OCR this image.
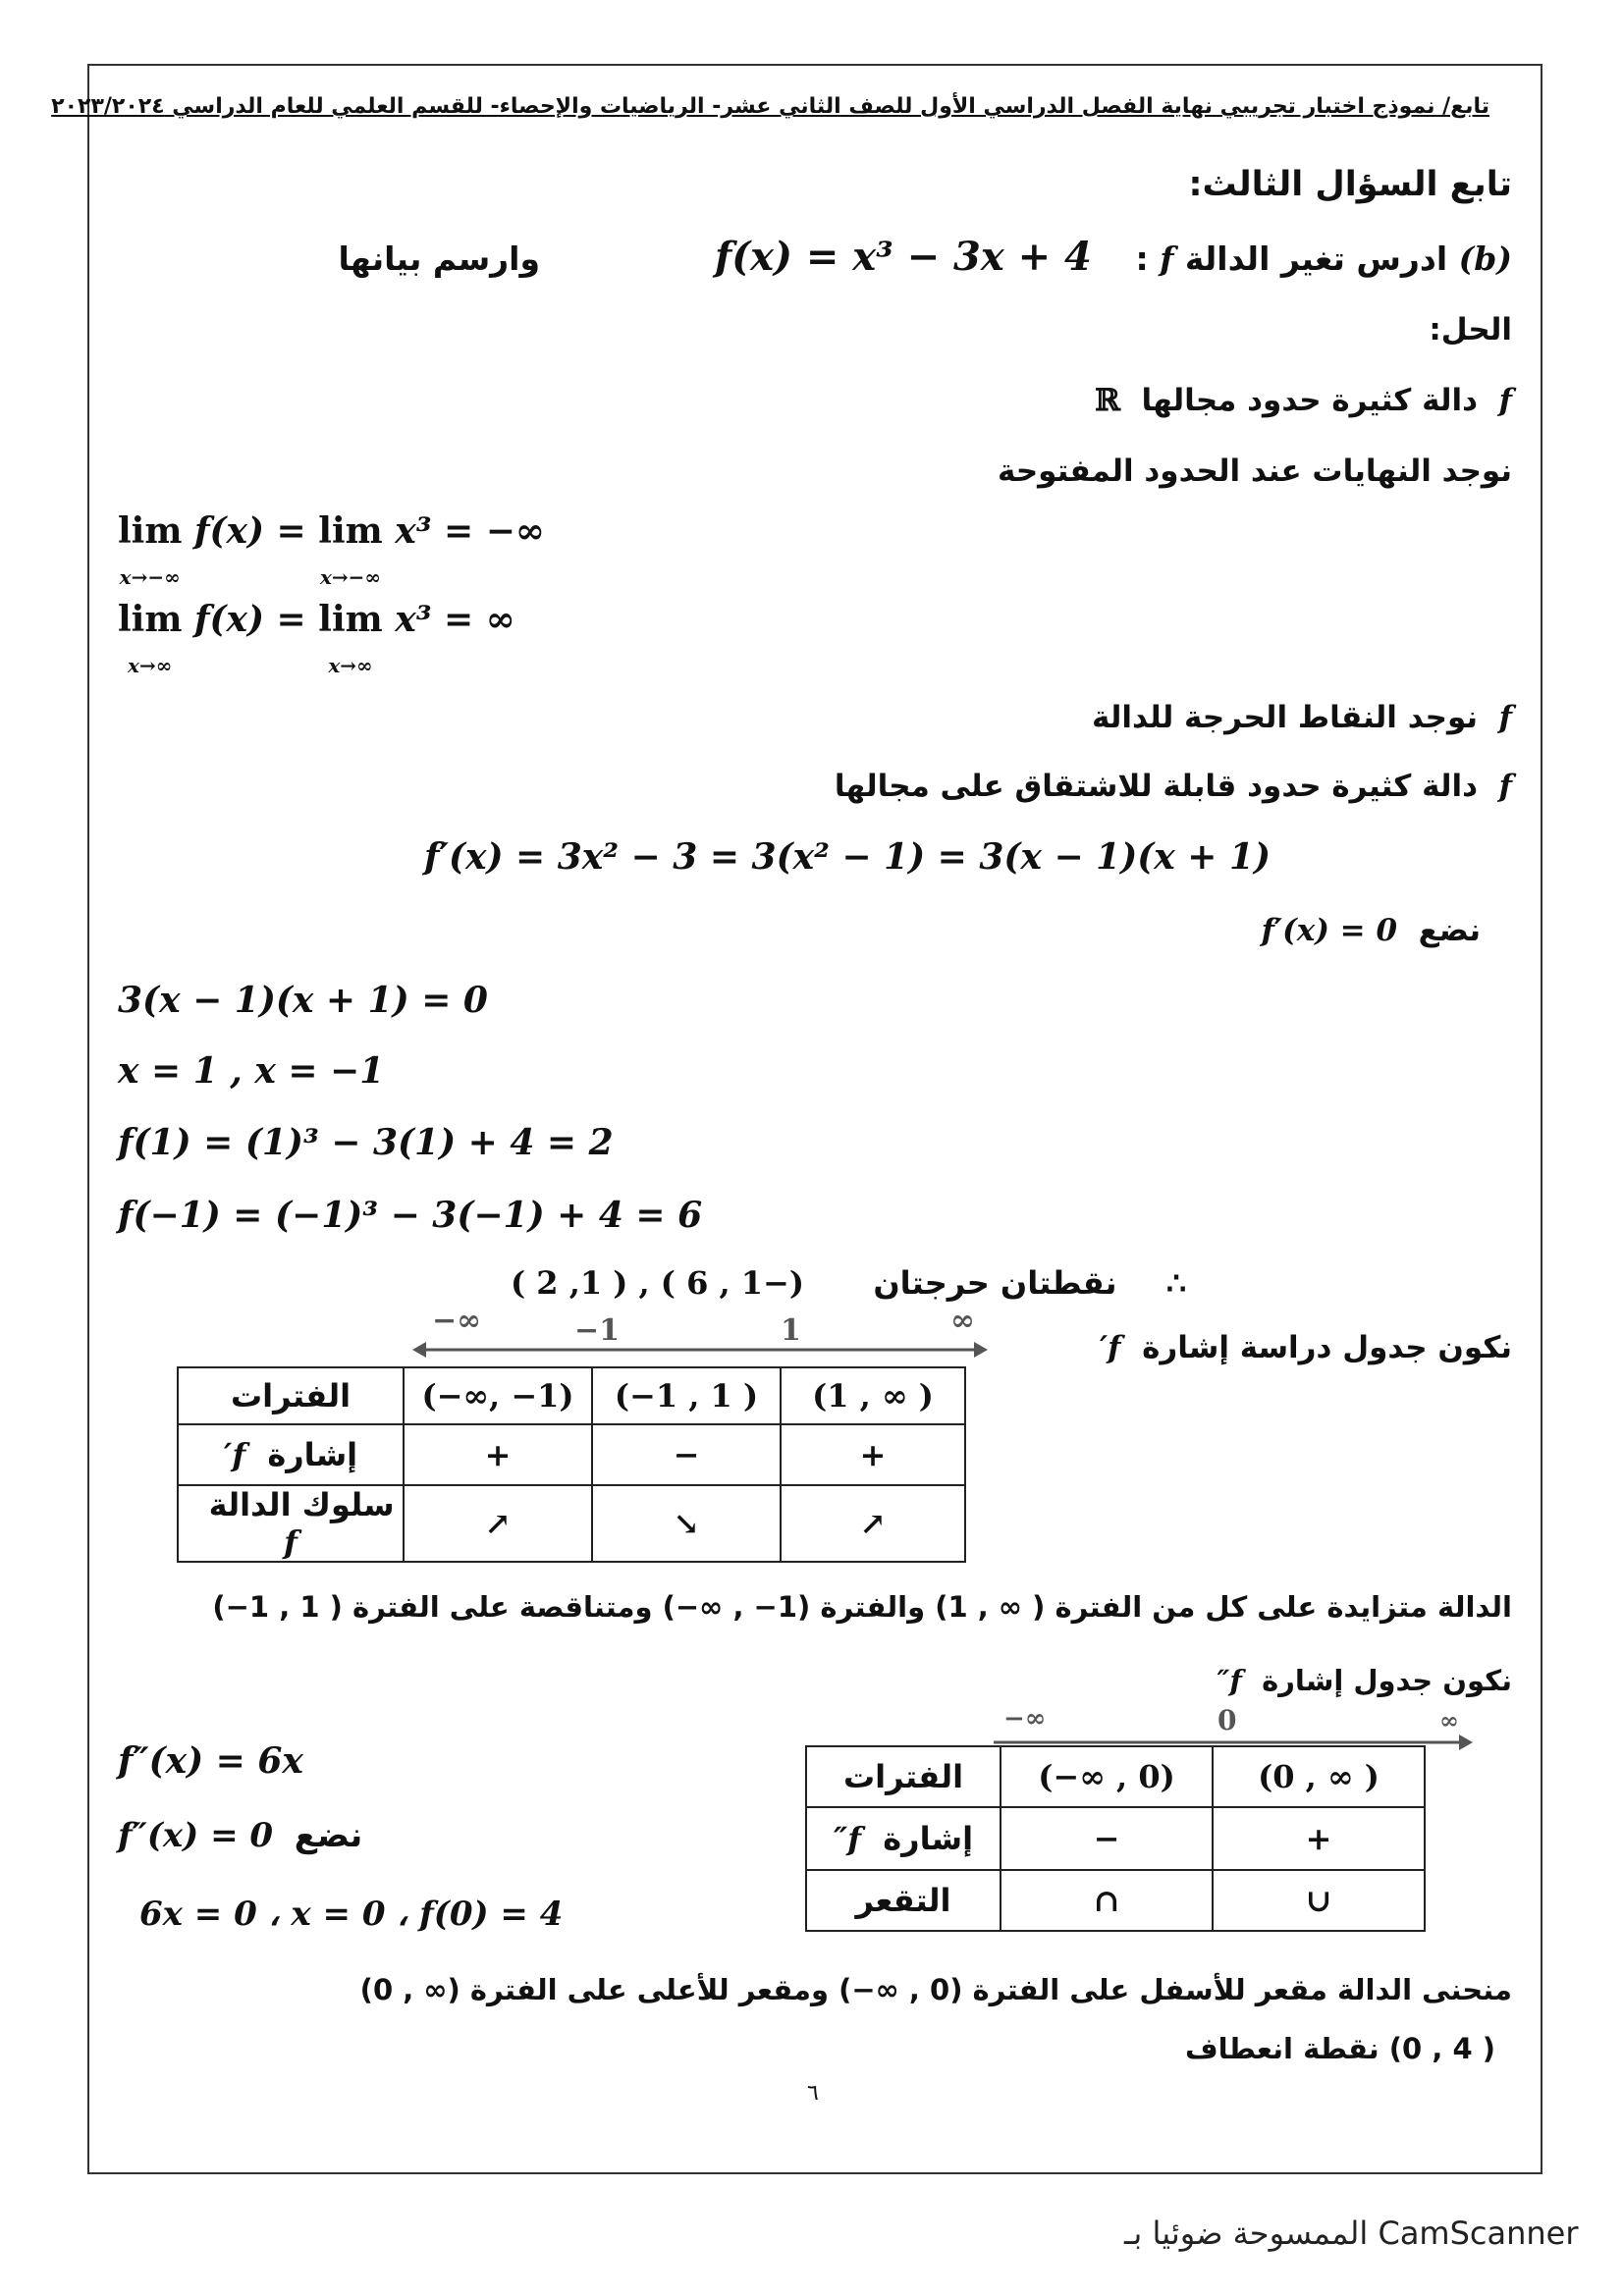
تابع/ نموذج اختبار تجريبي نهاية الفصل الدراسي الأول للصف الثاني عشر- الرياضيات والإحصاء- للقسم العلمي للعام الدراسي ٢٠٢٣/٢٠٢٤
تابع السؤال الثالث:
(b) ادرس تغير الدالة f :
f(x) = x³ − 3x + 4
وارسم بيانها
الحل:
f  دالة كثيرة حدود مجالها  ℝ
نوجد النهايات عند الحدود المفتوحة
lim
x→−∞ f(x) = lim
x→−∞ x³ = −∞
lim
x→∞ f(x) = lim
x→∞ x³ = ∞
f  نوجد النقاط الحرجة للدالة
f  دالة كثيرة حدود قابلة للاشتقاق على مجالها
f′(x) = 3x² − 3 = 3(x² − 1) = 3(x − 1)(x + 1)
نضع  f′(x) = 0
3(x − 1)(x + 1) = 0
x = 1 , x = −1
f(1) = (1)³ − 3(1) + 4 = 2
f(−1) = (−1)³ − 3(−1) + 4 = 6
نقطتان حرجتان  (−1 , 6 ) , ( 1, 2 )	∴
نكون جدول دراسة إشارة  f′
−∞	−1	1	∞
الفترات	(−∞, −1)	(−1 , 1 )	(1 , ∞ )
إشارة  f′	+	−	+
سلوك الدالة   f	↗	↘	↗
الدالة متزايدة على كل من الفترة ( ∞ , 1) والفترة (1− , ∞−) ومتناقصة على الفترة ( 1 , 1−)
نكون جدول إشارة  f″
−∞	0	∞
الفترات	(−∞ , 0)	(0 , ∞ )
إشارة  f″	−	+
التقعر	∩	∪
f″(x) = 6x
f″(x) = 0 نضع
6x = 0 ، x = 0 ، f(0) = 4
منحنى الدالة مقعر للأسفل على الفترة (0 , ∞−) ومقعر للأعلى على الفترة (∞ , 0)
( 4 , 0) نقطة انعطاف
٦
الممسوحة ضوئيا بـ CamScanner
